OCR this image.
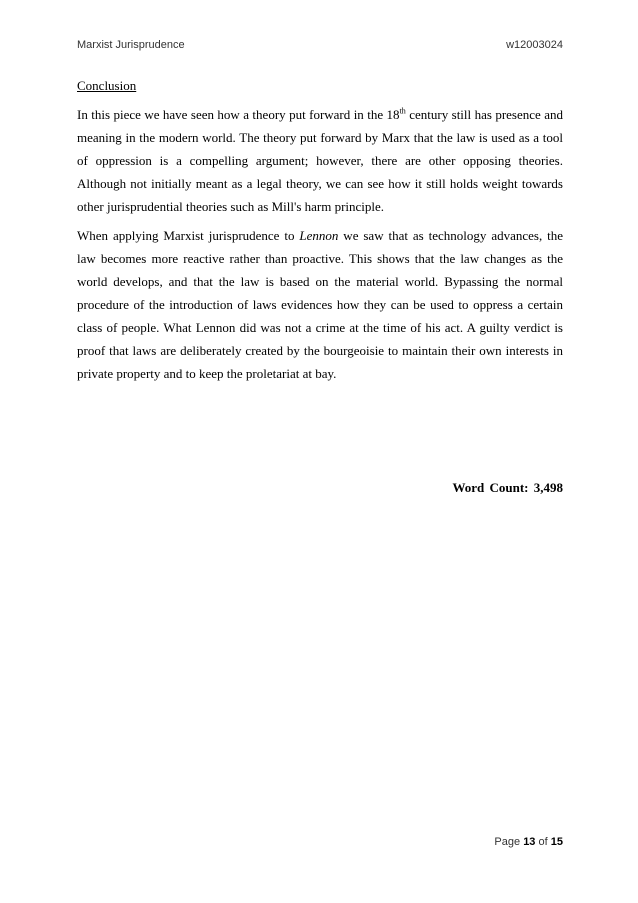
Marxist Jurisprudence	w12003024
Conclusion

In this piece we have seen how a theory put forward in the 18th century still has presence and meaning in the modern world. The theory put forward by Marx that the law is used as a tool of oppression is a compelling argument; however, there are other opposing theories. Although not initially meant as a legal theory, we can see how it still holds weight towards other jurisprudential theories such as Mill's harm principle.

When applying Marxist jurisprudence to Lennon we saw that as technology advances, the law becomes more reactive rather than proactive. This shows that the law changes as the world develops, and that the law is based on the material world. Bypassing the normal procedure of the introduction of laws evidences how they can be used to oppress a certain class of people. What Lennon did was not a crime at the time of his act. A guilty verdict is proof that laws are deliberately created by the bourgeoisie to maintain their own interests in private property and to keep the proletariat at bay.

Word Count: 3,498
Page 13 of 15
